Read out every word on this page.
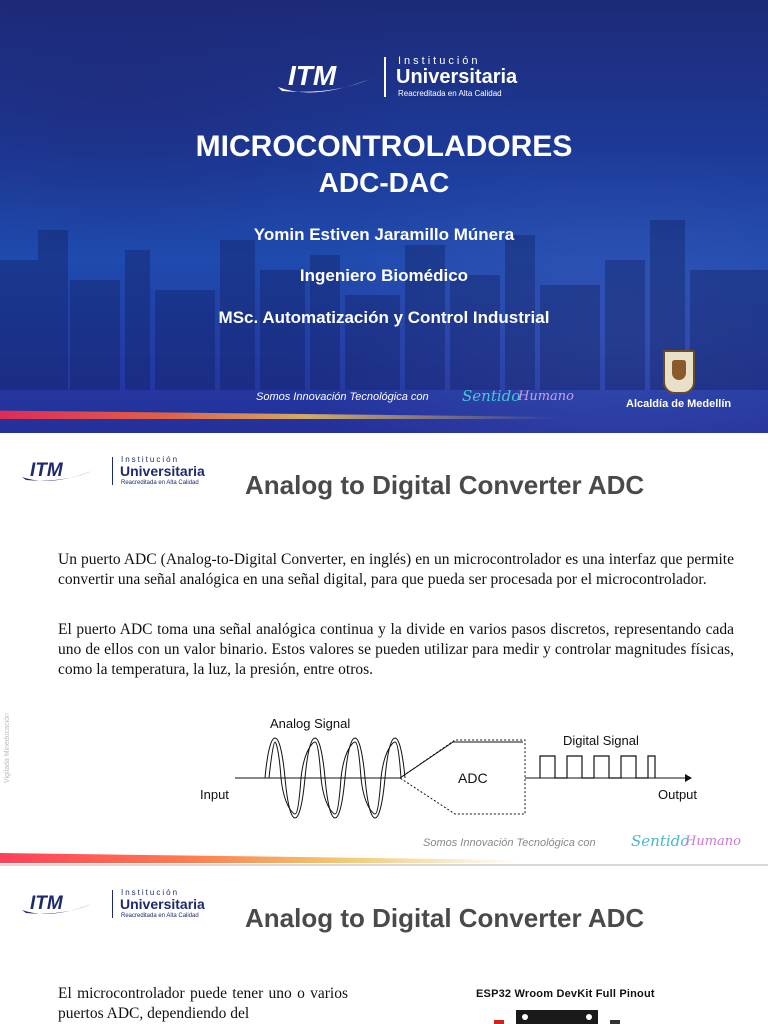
ITM	Institución
Universitaria
Reacreditada en Alta Calidad
MICROCONTROLADORES
ADC-DAC
Yomin Estiven Jaramillo Múnera
Ingeniero Biomédico
MSc. Automatización y Control Industrial
Somos Innovación Tecnológica con Sentido
Humano	Alcaldía de Medellín
ITM
Institución
Universitaria
Reacreditada en Alta Calidad Analog to Digital Converter ADC

Un puerto ADC (Analog-to-Digital Converter, en inglés) en un microcontrolador es una interfaz que permite convertir una señal analógica en una señal digital, para que pueda ser procesada por el microcontrolador.

El puerto ADC toma una señal analógica continua y la divide en varios pasos discretos, representando cada uno de ellos con un valor binario. Estos valores se pueden utilizar para medir y controlar magnitudes físicas, como la temperatura, la luz, la presión, entre otros.

Analog Signal
Digital Signal
Input	Output
ADC
Vigilada Mineducación
Somos Innovación Tecnológica con Sentido
Humano
ITM
Institución
Universitaria
Reacreditada en Alta Calidad Analog to Digital Converter ADC

El microcontrolador puede tener uno o varios puertos ADC, dependiendo del

ESP32 Wroom DevKit Full Pinout
